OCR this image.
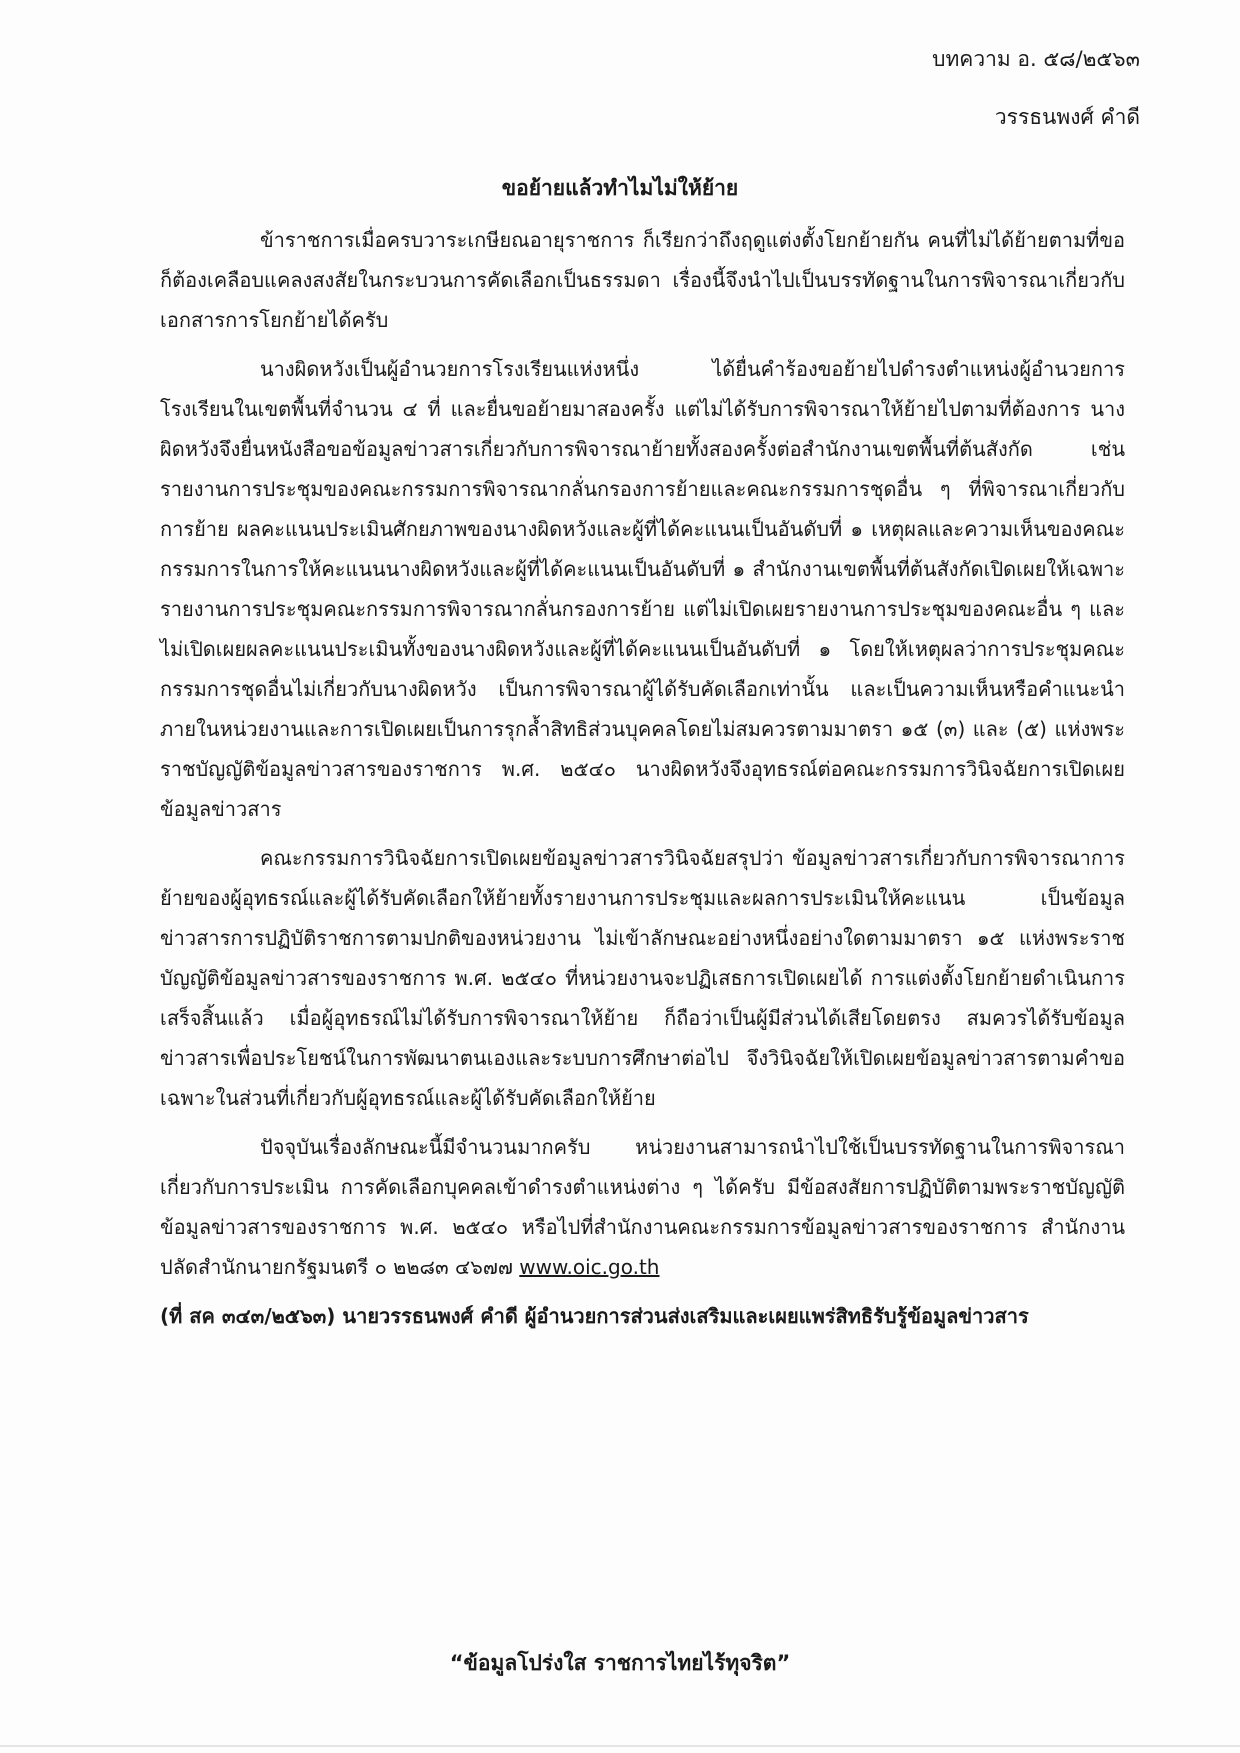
บทความ อ. ๕๘/๒๕๖๓
วรรธนพงศ์ คำดี
ขอย้ายแล้วทำไมไม่ให้ย้าย

ข้าราชการเมื่อครบวาระเกษียณอายุราชการ ก็เรียกว่าถึงฤดูแต่งตั้งโยกย้ายกัน คนที่ไม่ได้ย้ายตามที่ขอก็ต้องเคลือบแคลงสงสัยในกระบวนการคัดเลือกเป็นธรรมดา เรื่องนี้จึงนำไปเป็นบรรทัดฐานในการพิจารณาเกี่ยวกับเอกสารการโยกย้ายได้ครับ

นางผิดหวังเป็นผู้อำนวยการโรงเรียนแห่งหนึ่ง ได้ยื่นคำร้องขอย้ายไปดำรงตำแหน่งผู้อำนวยการโรงเรียนในเขตพื้นที่จำนวน ๔ ที่ และยื่นขอย้ายมาสองครั้ง แต่ไม่ได้รับการพิจารณาให้ย้ายไปตามที่ต้องการ นางผิดหวังจึงยื่นหนังสือขอข้อมูลข่าวสารเกี่ยวกับการพิจารณาย้ายทั้งสองครั้งต่อสำนักงานเขตพื้นที่ต้นสังกัด เช่น รายงานการประชุมของคณะกรรมการพิจารณากลั่นกรองการย้ายและคณะกรรมการชุดอื่น ๆ ที่พิจารณาเกี่ยวกับการย้าย ผลคะแนนประเมินศักยภาพของนางผิดหวังและผู้ที่ได้คะแนนเป็นอันดับที่ ๑ เหตุผลและความเห็นของคณะกรรมการในการให้คะแนนนางผิดหวังและผู้ที่ได้คะแนนเป็นอันดับที่ ๑ สำนักงานเขตพื้นที่ต้นสังกัดเปิดเผยให้เฉพาะรายงานการประชุมคณะกรรมการพิจารณากลั่นกรองการย้าย แต่ไม่เปิดเผยรายงานการประชุมของคณะอื่น ๆ และไม่เปิดเผยผลคะแนนประเมินทั้งของนางผิดหวังและผู้ที่ได้คะแนนเป็นอันดับที่ ๑ โดยให้เหตุผลว่าการประชุมคณะกรรมการชุดอื่นไม่เกี่ยวกับนางผิดหวัง เป็นการพิจารณาผู้ได้รับคัดเลือกเท่านั้น และเป็นความเห็นหรือคำแนะนำภายในหน่วยงานและการเปิดเผยเป็นการรุกล้ำสิทธิส่วนบุคคลโดยไม่สมควรตามมาตรา ๑๕ (๓) และ (๕) แห่งพระราชบัญญัติข้อมูลข่าวสารของราชการ พ.ศ. ๒๕๔๐ นางผิดหวังจึงอุทธรณ์ต่อคณะกรรมการวินิจฉัยการเปิดเผยข้อมูลข่าวสาร

คณะกรรมการวินิจฉัยการเปิดเผยข้อมูลข่าวสารวินิจฉัยสรุปว่า ข้อมูลข่าวสารเกี่ยวกับการพิจารณาการย้ายของผู้อุทธรณ์และผู้ได้รับคัดเลือกให้ย้ายทั้งรายงานการประชุมและผลการประเมินให้คะแนน เป็นข้อมูลข่าวสารการปฏิบัติราชการตามปกติของหน่วยงาน ไม่เข้าลักษณะอย่างหนึ่งอย่างใดตามมาตรา ๑๕ แห่งพระราชบัญญัติข้อมูลข่าวสารของราชการ พ.ศ. ๒๕๔๐ ที่หน่วยงานจะปฏิเสธการเปิดเผยได้ การแต่งตั้งโยกย้ายดำเนินการเสร็จสิ้นแล้ว เมื่อผู้อุทธรณ์ไม่ได้รับการพิจารณาให้ย้าย ก็ถือว่าเป็นผู้มีส่วนได้เสียโดยตรง สมควรได้รับข้อมูลข่าวสารเพื่อประโยชน์ในการพัฒนาตนเองและระบบการศึกษาต่อไป จึงวินิจฉัยให้เปิดเผยข้อมูลข่าวสารตามคำขอเฉพาะในส่วนที่เกี่ยวกับผู้อุทธรณ์และผู้ได้รับคัดเลือกให้ย้าย

ปัจจุบันเรื่องลักษณะนี้มีจำนวนมากครับ หน่วยงานสามารถนำไปใช้เป็นบรรทัดฐานในการพิจารณาเกี่ยวกับการประเมิน การคัดเลือกบุคคลเข้าดำรงตำแหน่งต่าง ๆ ได้ครับ มีข้อสงสัยการปฏิบัติตามพระราชบัญญัติข้อมูลข่าวสารของราชการ พ.ศ. ๒๕๔๐ หรือไปที่สำนักงานคณะกรรมการข้อมูลข่าวสารของราชการ สำนักงานปลัดสำนักนายกรัฐมนตรี ๐ ๒๒๘๓ ๔๖๗๗ www.oic.go.th

(ที่ สค ๓๔๓/๒๕๖๓) นายวรรธนพงศ์ คำดี ผู้อำนวยการส่วนส่งเสริมและเผยแพร่สิทธิรับรู้ข้อมูลข่าวสาร

“ข้อมูลโปร่งใส ราชการไทยไร้ทุจริต”
